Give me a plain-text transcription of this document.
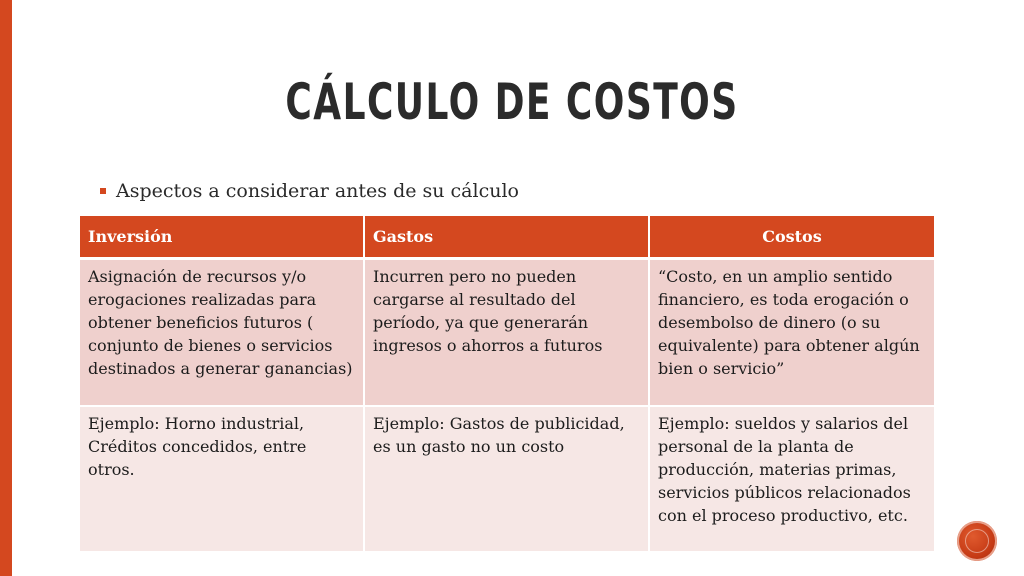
CÁLCULO DE COSTOS
Aspectos a considerar antes de su cálculo
Inversión	Gastos	Costos
Asignación de recursos y/o erogaciones realizadas para obtener beneficios futuros ( conjunto de bienes o servicios destinados a generar ganancias)	Incurren pero no pueden cargarse al resultado del período, ya que generarán ingresos o ahorros a futuros	“Costo, en un amplio sentido financiero, es toda erogación o desembolso de dinero (o su equivalente) para obtener algún bien o servicio”
Ejemplo: Horno industrial, Créditos concedidos, entre otros.	Ejemplo: Gastos de publicidad, es un gasto no un costo	Ejemplo: sueldos y salarios del personal de la planta de producción, materias primas, servicios públicos relacionados con el proceso productivo, etc.
